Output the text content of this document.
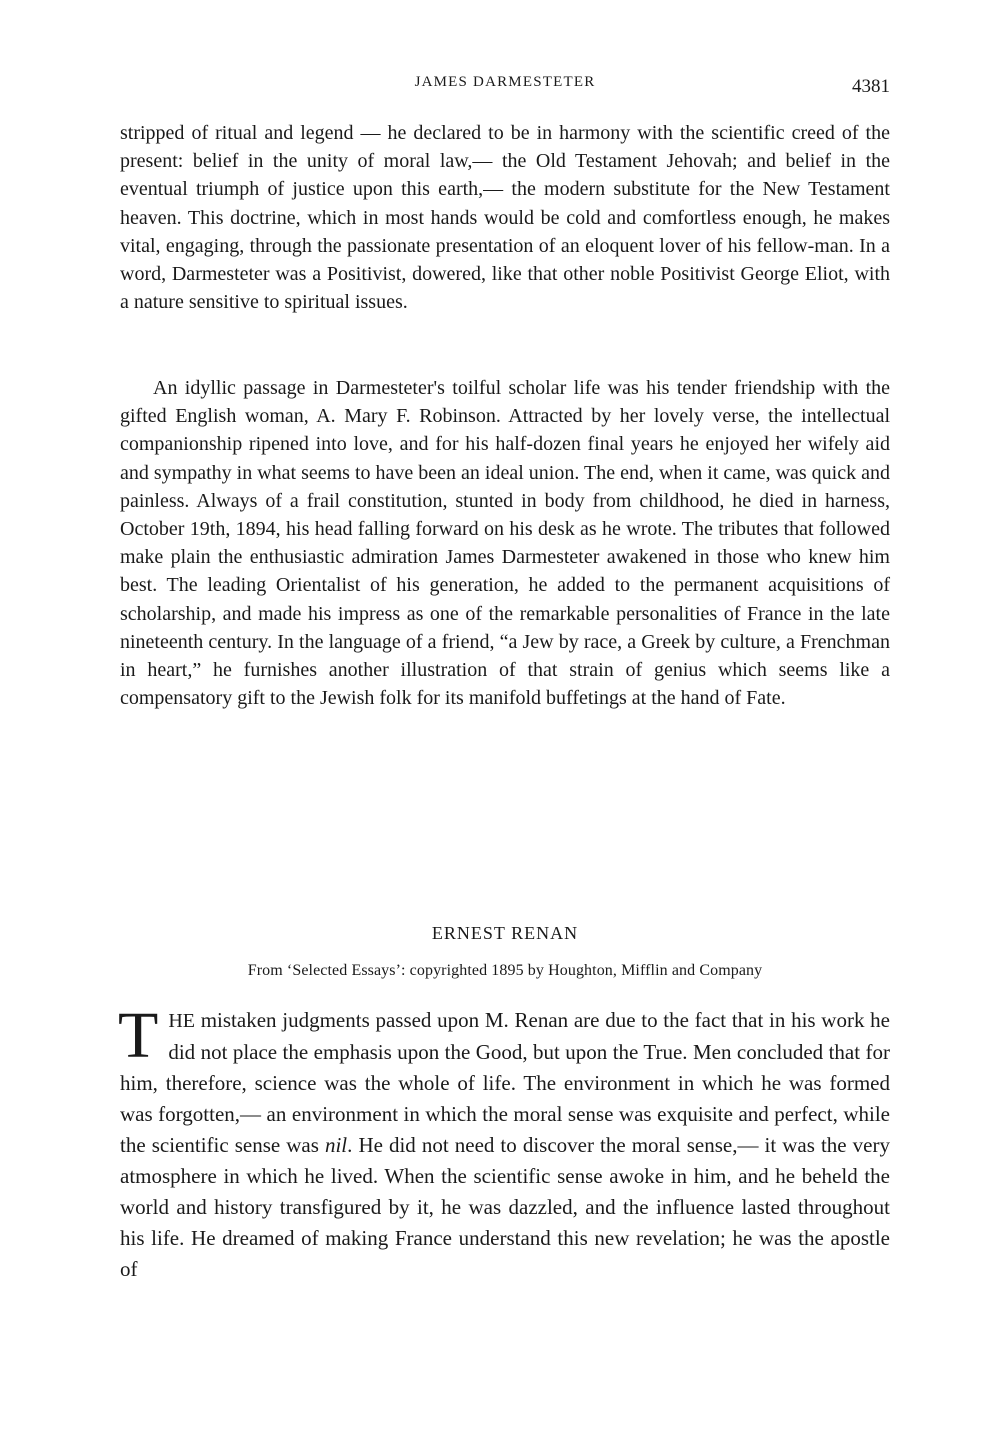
JAMES DARMESTETER	4381

stripped of ritual and legend — he declared to be in harmony with the scientific creed of the present: belief in the unity of moral law,— the Old Testament Jehovah; and belief in the eventual triumph of justice upon this earth,— the modern substitute for the New Testament heaven. This doctrine, which in most hands would be cold and comfortless enough, he makes vital, engaging, through the passionate presentation of an eloquent lover of his fellow-man. In a word, Darmesteter was a Positivist, dowered, like that other noble Positivist George Eliot, with a nature sensitive to spiritual issues.

An idyllic passage in Darmesteter's toilful scholar life was his tender friendship with the gifted English woman, A. Mary F. Robinson. Attracted by her lovely verse, the intellectual companionship ripened into love, and for his half-dozen final years he enjoyed her wifely aid and sympathy in what seems to have been an ideal union. The end, when it came, was quick and painless. Always of a frail constitution, stunted in body from childhood, he died in harness, October 19th, 1894, his head falling forward on his desk as he wrote. The tributes that followed make plain the enthusiastic admiration James Darmesteter awakened in those who knew him best. The leading Orientalist of his generation, he added to the permanent acquisitions of scholarship, and made his impress as one of the remarkable personalities of France in the late nineteenth century. In the language of a friend, “a Jew by race, a Greek by culture, a Frenchman in heart,” he furnishes another illustration of that strain of genius which seems like a compensatory gift to the Jewish folk for its manifold buffetings at the hand of Fate.

ERNEST RENAN
From ‘Selected Essays’: copyrighted 1895 by Houghton, Mifflin and Company

THE mistaken judgments passed upon M. Renan are due to the fact that in his work he did not place the emphasis upon the Good, but upon the True. Men concluded that for him, therefore, science was the whole of life. The environment in which he was formed was forgotten,— an environment in which the moral sense was exquisite and perfect, while the scientific sense was nil. He did not need to discover the moral sense,— it was the very atmosphere in which he lived. When the scientific sense awoke in him, and he beheld the world and history transfigured by it, he was dazzled, and the influence lasted throughout his life. He dreamed of making France understand this new revelation; he was the apostle of
